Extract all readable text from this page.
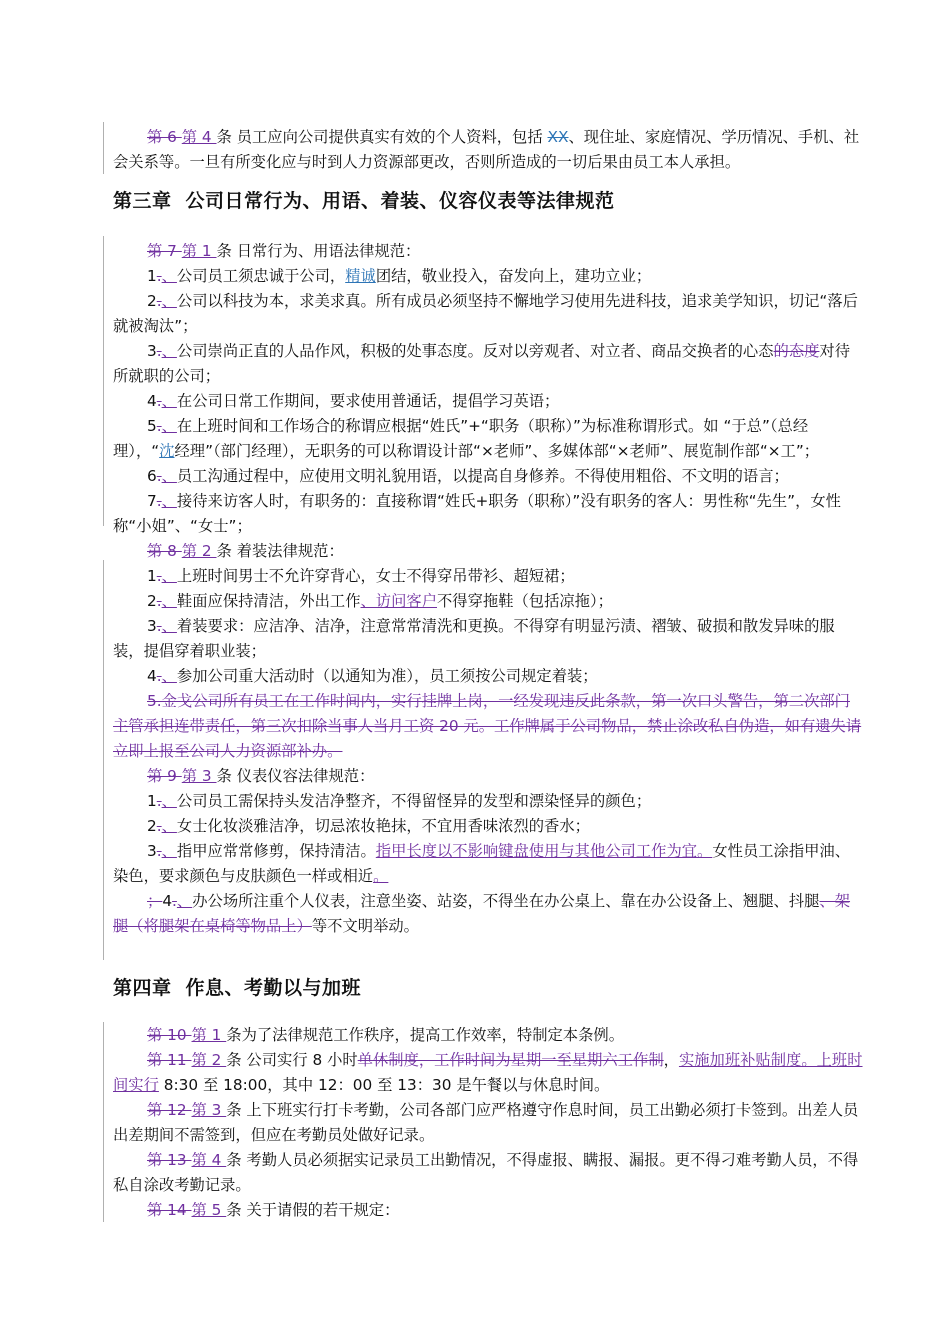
第 6 第 4 条 员工应向公司提供真实有效的个人资料，包括 XX、现住址、家庭情况、学历情况、手机、社会关系等。一旦有所变化应与时到人力资源部更改，否则所造成的一切后果由员工本人承担。

第三章 公司日常行为、用语、着装、仪容仪表等法律规范

第 7 第 1 条 日常行为、用语法律规范：

1.、公司员工须忠诚于公司，精诚团结，敬业投入，奋发向上，建功立业；

2.、公司以科技为本，求美求真。所有成员必须坚持不懈地学习使用先进科技，追求美学知识，切记“落后就被淘汰”；

3.、公司崇尚正直的人品作风，积极的处事态度。反对以旁观者、对立者、商品交换者的心态的态度对待所就职的公司；

4.、在公司日常工作期间，要求使用普通话，提倡学习英语；

5.、在上班时间和工作场合的称谓应根据“姓氏”+“职务（职称）”为标准称谓形式。如 “于总”（总经理），“沈经理”（部门经理），无职务的可以称谓设计部“×老师”、多媒体部“×老师”、展览制作部“×工”；

6.、员工沟通过程中，应使用文明礼貌用语，以提高自身修养。不得使用粗俗、不文明的语言；

7.、接待来访客人时，有职务的：直接称谓“姓氏+职务（职称）”没有职务的客人：男性称“先生”，女性称“小姐”、“女士”；

第 8 第 2 条 着装法律规范：

1.、上班时间男士不允许穿背心，女士不得穿吊带衫、超短裙；

2.、鞋面应保持清洁，外出工作、访问客户不得穿拖鞋（包括凉拖）；

3.、着装要求：应洁净、洁净，注意常常清洗和更换。不得穿有明显污渍、褶皱、破损和散发异味的服装，提倡穿着职业装；

4.、参加公司重大活动时（以通知为准），员工须按公司规定着装；

5.金戈公司所有员工在工作时间内，实行挂牌上岗，一经发现违反此条款，第一次口头警告，第二次部门主管承担连带责任，第三次扣除当事人当月工资 20 元。工作牌属于公司物品，禁止涂改私自伪造，如有遗失请立即上报至公司人力资源部补办。

第 9 第 3 条 仪表仪容法律规范：

1.、公司员工需保持头发洁净整齐，不得留怪异的发型和漂染怪异的颜色；

2.、女士化妆淡雅洁净，切忌浓妆艳抹，不宜用香味浓烈的香水；

3.、指甲应常常修剪，保持清洁。指甲长度以不影响键盘使用与其他公司工作为宜。女性员工涂指甲油、染色，要求颜色与皮肤颜色一样或相近。

；4.、办公场所注重个人仪表，注意坐姿、站姿，不得坐在办公桌上、靠在办公设备上、翘腿、抖腿、架腿（将腿架在桌椅等物品上）等不文明举动。

第四章 作息、考勤以与加班

第 10 第 1 条为了法律规范工作秩序，提高工作效率，特制定本条例。

第 11 第 2 条 公司实行 8 小时单休制度，工作时间为星期一至星期六工作制，实施加班补贴制度。上班时间实行 8:30 至 18:00，其中 12：00 至 13：30 是午餐以与休息时间。

第 12 第 3 条 上下班实行打卡考勤，公司各部门应严格遵守作息时间，员工出勤必须打卡签到。出差人员出差期间不需签到，但应在考勤员处做好记录。

第 13 第 4 条 考勤人员必须据实记录员工出勤情况，不得虚报、瞒报、漏报。更不得刁难考勤人员，不得私自涂改考勤记录。

第 14 第 5 条 关于请假的若干规定：
